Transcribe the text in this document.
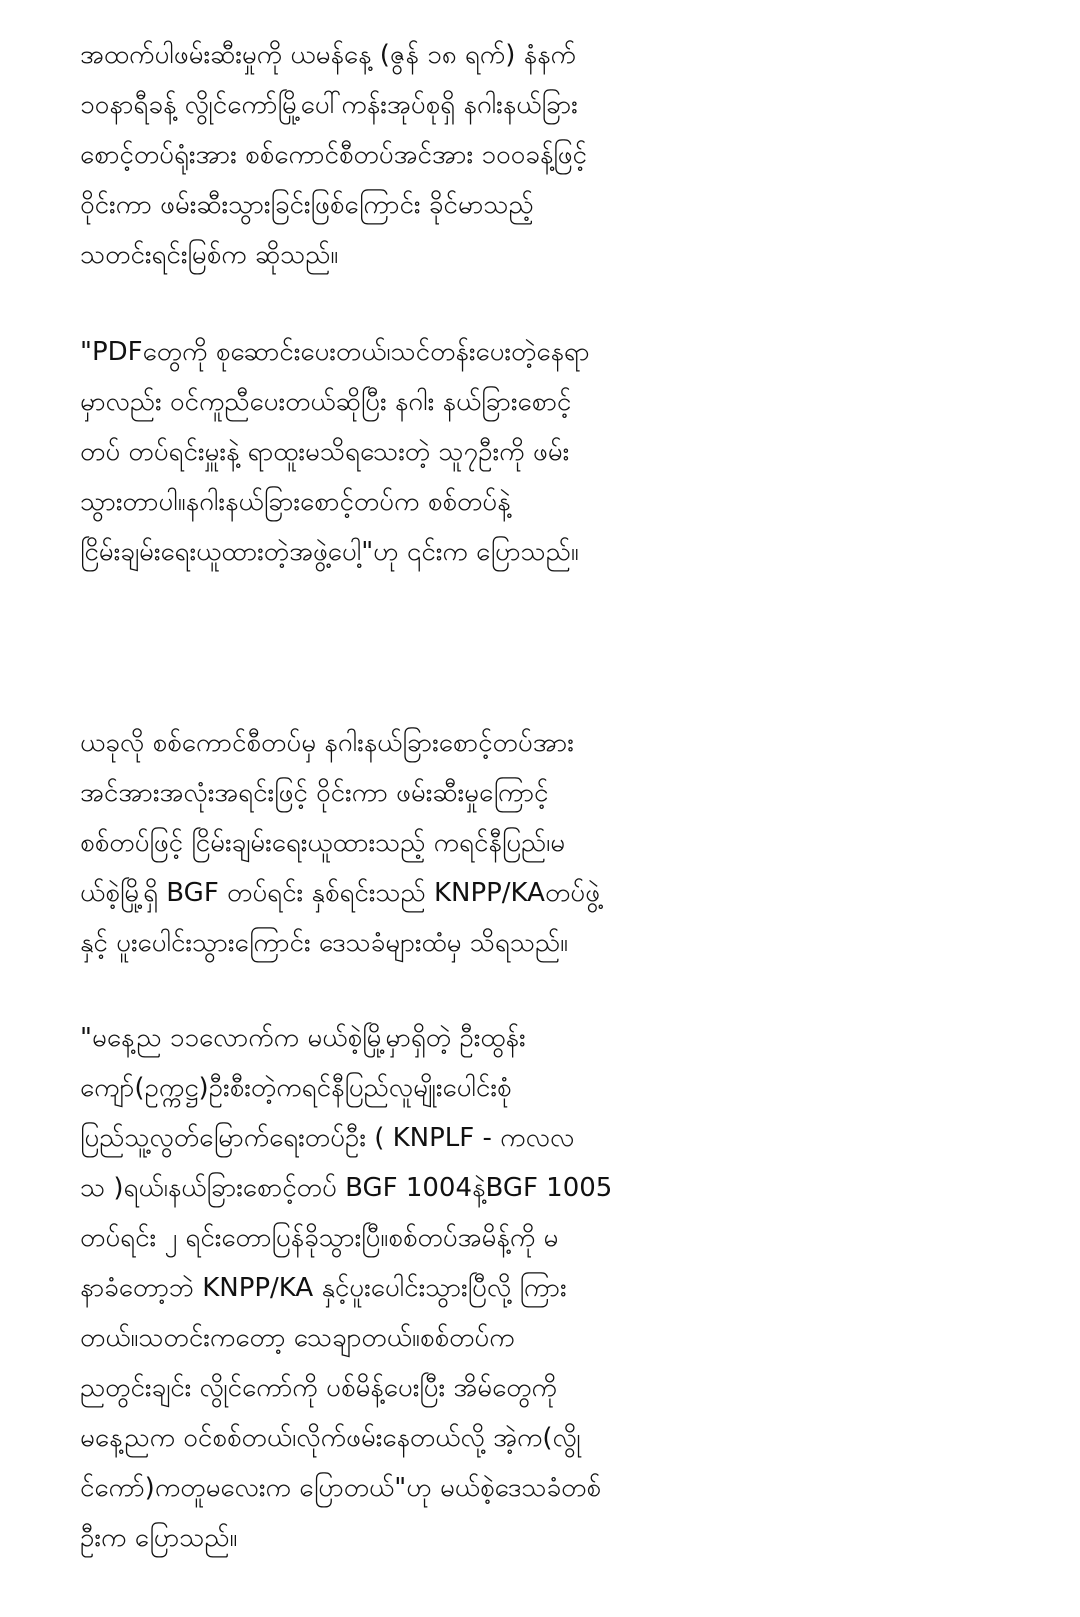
အထက်ပါဖမ်းဆီးမှုကို ယမန်နေ့ (ဇွန် ၁၈ ရက်) နံနက်
၁၀နာရီခန့် လွိုင်ကော်မြို့ပေါ်ကန်းအုပ်စုရှိ နဂါးနယ်ခြား
စောင့်တပ်ရုံးအား စစ်ကောင်စီတပ်အင်အား ၁၀၀ခန့်ဖြင့်
ဝိုင်းကာ ဖမ်းဆီးသွားခြင်းဖြစ်ကြောင်း ခိုင်မာသည့်
သတင်းရင်းမြစ်က ဆိုသည်။

"PDFတွေကို စုဆောင်းပေးတယ်၊သင်တန်းပေးတဲ့နေရာ
မှာလည်း ဝင်ကူညီပေးတယ်ဆိုပြီး နဂါး နယ်ခြားစောင့်
တပ် တပ်ရင်းမှူးနဲ့ ရာထူးမသိရသေးတဲ့ သူ၇ဦးကို ဖမ်း
သွားတာပါ။နဂါးနယ်ခြားစောင့်တပ်က စစ်တပ်နဲ့
ငြိမ်းချမ်းရေးယူထားတဲ့အဖွဲ့ပေါ့"ဟု ၎င်းက ပြောသည်။

ယခုလို စစ်ကောင်စီတပ်မှ နဂါးနယ်ခြားစောင့်တပ်အား
အင်အားအလုံးအရင်းဖြင့် ဝိုင်းကာ ဖမ်းဆီးမှုကြောင့်
စစ်တပ်ဖြင့် ငြိမ်းချမ်းရေးယူထားသည့် ကရင်နီပြည်၊မ
ယ်စဲ့မြို့ရှိ BGF တပ်ရင်း နှစ်ရင်းသည် KNPP/KAတပ်ဖွဲ့
နှင့် ပူးပေါင်းသွားကြောင်း ဒေသခံများထံမှ သိရသည်။

"မနေ့ည ၁၁လောက်က မယ်စဲ့မြို့မှာရှိတဲ့ ဦးထွန်း
ကျော်(ဥက္ကဋ္ဌ)ဦးစီးတဲ့ကရင်နီပြည်လူမျိုးပေါင်းစုံ
ပြည်သူ့လွတ်မြောက်ရေးတပ်ဦး ( KNPLF - ကလလ
သ )ရယ်၊နယ်ခြားစောင့်တပ် BGF 1004နဲ့BGF 1005
တပ်ရင်း ၂ ရင်းတောပြန်ခိုသွားပြီ။စစ်တပ်အမိန့်ကို မ
နာခံတော့ဘဲ KNPP/KA နှင့်ပူးပေါင်းသွားပြီလို့ ကြား
တယ်။သတင်းကတော့ သေချာတယ်။စစ်တပ်က
ညတွင်းချင်း လွိုင်ကော်ကို ပစ်မိန့်ပေးပြီး အိမ်တွေကို
မနေ့ညက ဝင်စစ်တယ်၊လိုက်ဖမ်းနေတယ်လို့ အဲ့က(လွို
င်ကော်)ကတူမလေးက ပြောတယ်"ဟု မယ်စဲ့ဒေသခံတစ်
ဦးက ပြောသည်။
